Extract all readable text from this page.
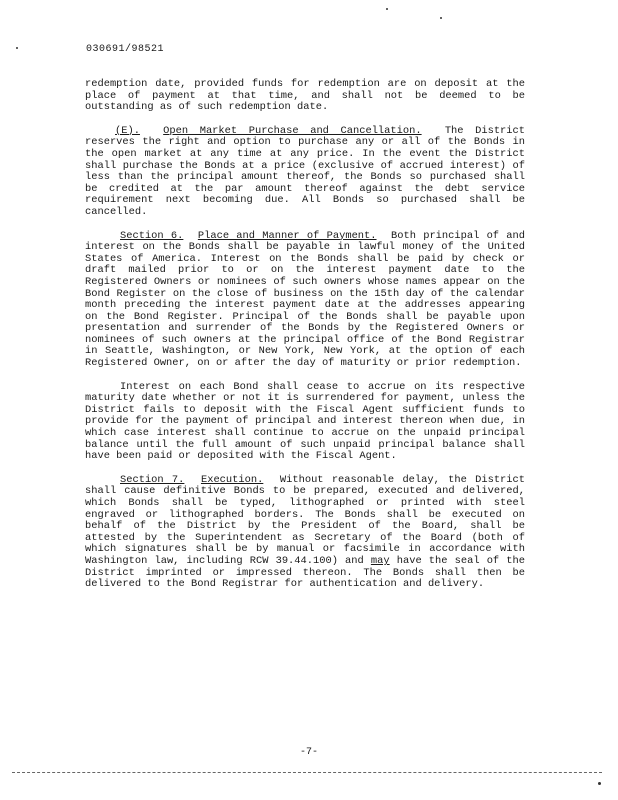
030691/98521

redemption date, provided funds for redemption are on deposit at the place of payment at that time, and shall not be deemed to be outstanding as of such redemption date.

(E). Open Market Purchase and Cancellation. The District reserves the right and option to purchase any or all of the Bonds in the open market at any time at any price. In the event the District shall purchase the Bonds at a price (exclusive of accrued interest) of less than the principal amount thereof, the Bonds so purchased shall be credited at the par amount thereof against the debt service requirement next becoming due. All Bonds so purchased shall be cancelled.

Section 6. Place and Manner of Payment. Both principal of and interest on the Bonds shall be payable in lawful money of the United States of America. Interest on the Bonds shall be paid by check or draft mailed prior to or on the interest payment date to the Registered Owners or nominees of such owners whose names appear on the Bond Register on the close of business on the 15th day of the calendar month preceding the interest payment date at the addresses appearing on the Bond Register. Principal of the Bonds shall be payable upon presentation and surrender of the Bonds by the Registered Owners or nominees of such owners at the principal office of the Bond Registrar in Seattle, Washington, or New York, New York, at the option of each Registered Owner, on or after the day of maturity or prior redemption.

Interest on each Bond shall cease to accrue on its respective maturity date whether or not it is surrendered for payment, unless the District fails to deposit with the Fiscal Agent sufficient funds to provide for the payment of principal and interest thereon when due, in which case interest shall continue to accrue on the unpaid principal balance until the full amount of such unpaid principal balance shall have been paid or deposited with the Fiscal Agent.

Section 7. Execution. Without reasonable delay, the District shall cause definitive Bonds to be prepared, executed and delivered, which Bonds shall be typed, lithographed or printed with steel engraved or lithographed borders. The Bonds shall be executed on behalf of the District by the President of the Board, shall be attested by the Superintendent as Secretary of the Board (both of which signatures shall be by manual or facsimile in accordance with Washington law, including RCW 39.44.100) and may have the seal of the District imprinted or impressed thereon. The Bonds shall then be delivered to the Bond Registrar for authentication and delivery.

-7-
